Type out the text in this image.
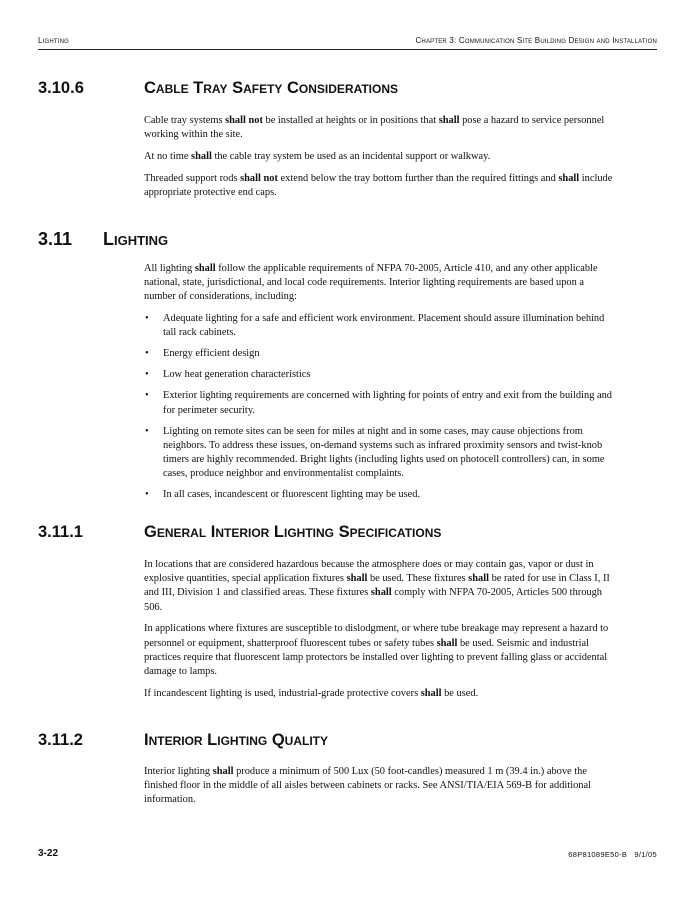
Lighting	Chapter 3: Communication Site Building Design and Installation
3.10.6	Cable Tray Safety Considerations

Cable tray systems shall not be installed at heights or in positions that shall pose a hazard to service personnel working within the site.

At no time shall the cable tray system be used as an incidental support or walkway.

Threaded support rods shall not extend below the tray bottom further than the required fittings and shall include appropriate protective end caps.

3.11 Lighting

All lighting shall follow the applicable requirements of NFPA 70-2005, Article 410, and any other applicable national, state, jurisdictional, and local code requirements. Interior lighting requirements are based upon a number of considerations, including:

• Adequate lighting for a safe and efficient work environment. Placement should assure illumination behind tall rack cabinets.
• Energy efficient design
• Low heat generation characteristics
• Exterior lighting requirements are concerned with lighting for points of entry and exit from the building and for perimeter security.
• Lighting on remote sites can be seen for miles at night and in some cases, may cause objections from neighbors. To address these issues, on-demand systems such as infrared proximity sensors and twist-knob timers are highly recommended. Bright lights (including lights used on photocell controllers) can, in some cases, produce neighbor and environmentalist complaints.
• In all cases, incandescent or fluorescent lighting may be used.
3.11.1	General Interior Lighting Specifications

In locations that are considered hazardous because the atmosphere does or may contain gas, vapor or dust in explosive quantities, special application fixtures shall be used. These fixtures shall be rated for use in Class I, II and III, Division 1 and classified areas. These fixtures shall comply with NFPA 70-2005, Articles 500 through 506.

In applications where fixtures are susceptible to dislodgment, or where tube breakage may represent a hazard to personnel or equipment, shatterproof fluorescent tubes or safety tubes shall be used. Seismic and industrial practices require that fluorescent lamp protectors be installed over lighting to prevent falling glass or accidental damage to lamps.

If incandescent lighting is used, industrial-grade protective covers shall be used.

3.11.2	Interior Lighting Quality

Interior lighting shall produce a minimum of 500 Lux (50 foot-candles) measured 1 m (39.4 in.) above the finished floor in the middle of all aisles between cabinets or racks. See ANSI/TIA/EIA 569-B for additional information.

3-22	68P81089E50-B   9/1/05
